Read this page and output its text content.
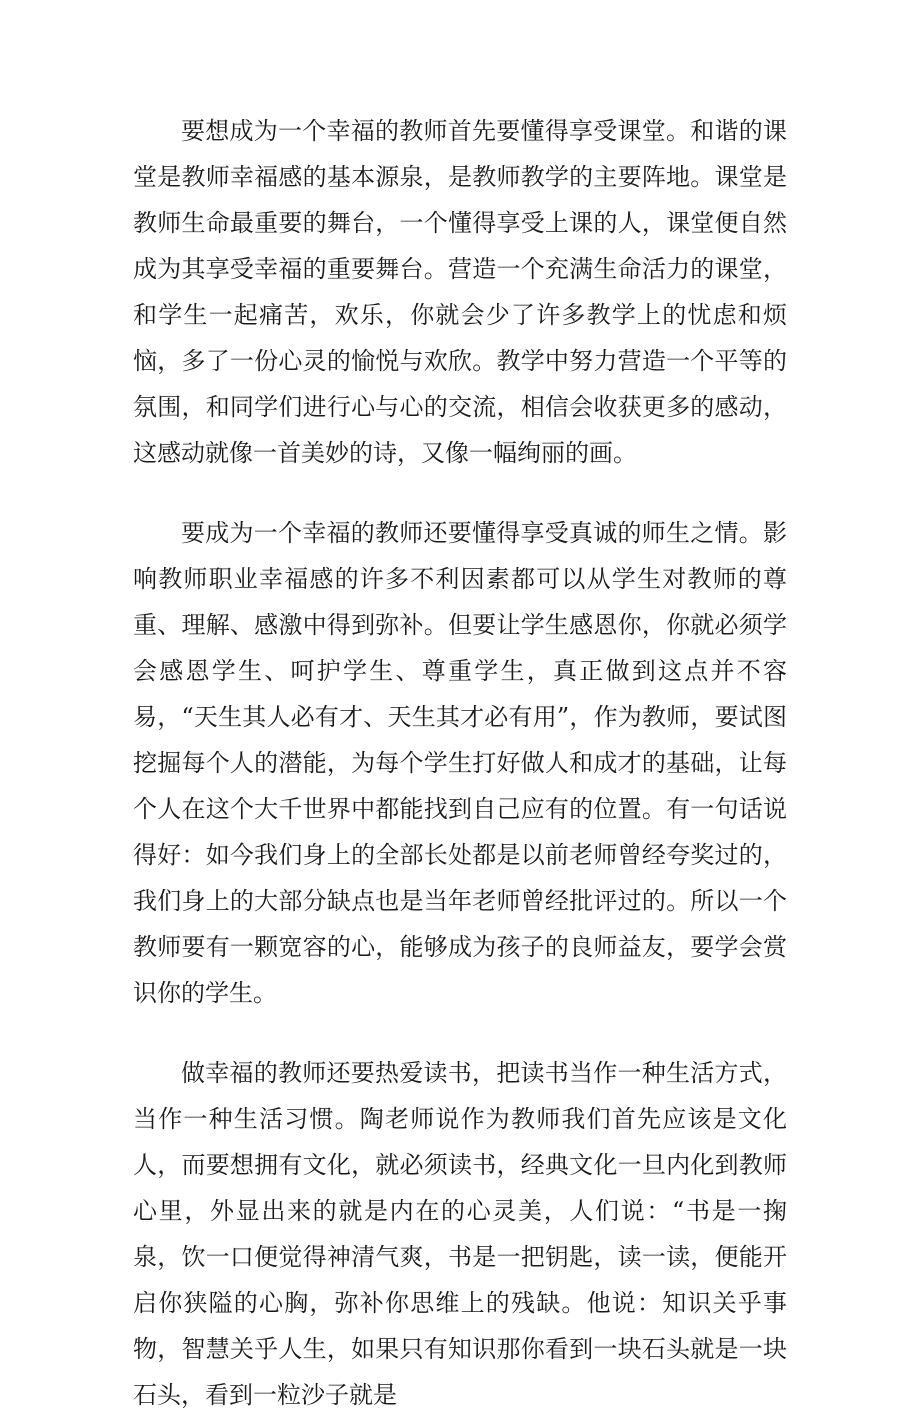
要想成为一个幸福的教师首先要懂得享受课堂。和谐的课堂是教师幸福感的基本源泉，是教师教学的主要阵地。课堂是教师生命最重要的舞台，一个懂得享受上课的人，课堂便自然成为其享受幸福的重要舞台。营造一个充满生命活力的课堂，和学生一起痛苦，欢乐，你就会少了许多教学上的忧虑和烦恼，多了一份心灵的愉悦与欢欣。教学中努力营造一个平等的氛围，和同学们进行心与心的交流，相信会收获更多的感动，这感动就像一首美妙的诗，又像一幅绚丽的画。

要成为一个幸福的教师还要懂得享受真诚的师生之情。影响教师职业幸福感的许多不利因素都可以从学生对教师的尊重、理解、感激中得到弥补。但要让学生感恩你，你就必须学会感恩学生、呵护学生、尊重学生，真正做到这点并不容易，“天生其人必有才、天生其才必有用”，作为教师，要试图挖掘每个人的潜能，为每个学生打好做人和成才的基础，让每个人在这个大千世界中都能找到自己应有的位置。有一句话说得好：如今我们身上的全部长处都是以前老师曾经夸奖过的，我们身上的大部分缺点也是当年老师曾经批评过的。所以一个教师要有一颗宽容的心，能够成为孩子的良师益友，要学会赏识你的学生。

做幸福的教师还要热爱读书，把读书当作一种生活方式，当作一种生活习惯。陶老师说作为教师我们首先应该是文化人，而要想拥有文化，就必须读书，经典文化一旦内化到教师心里，外显出来的就是内在的心灵美，人们说：“书是一掬泉，饮一口便觉得神清气爽，书是一把钥匙，读一读，便能开启你狭隘的心胸，弥补你思维上的残缺。他说：知识关乎事物，智慧关乎人生，如果只有知识那你看到一块石头就是一块石头，看到一粒沙子就是
